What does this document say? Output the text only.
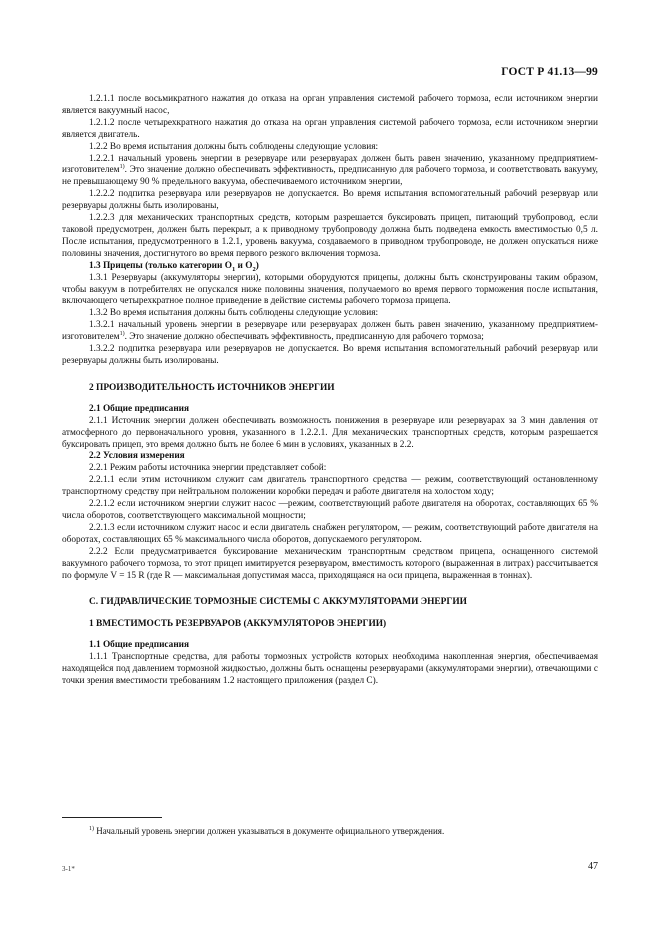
ГОСТ Р 41.13—99

1.2.1.1 после восьмикратного нажатия до отказа на орган управления системой рабочего тормоза, если источником энергии является вакуумный насос,

1.2.1.2 после четырехкратного нажатия до отказа на орган управления системой рабочего тормоза, если источником энергии является двигатель.

1.2.2 Во время испытания должны быть соблюдены следующие условия:

1.2.2.1 начальный уровень энергии в резервуаре или резервуарах должен быть равен значению, указанному предприятием-изготовителем$^{1)}$. Это значение должно обеспечивать эффективность, предписанную для рабочего тормоза, и соответствовать вакууму, не превышающему 90 % предельного вакуума, обеспечиваемого источником энергии,

1.2.2.2 подпитка резервуара или резервуаров не допускается. Во время испытания вспомогательный рабочий резервуар или резервуары должны быть изолированы,

1.2.2.3 для механических транспортных средств, которым разрешается буксировать прицеп, питающий трубопровод, если таковой предусмотрен, должен быть перекрыт, а к приводному трубопроводу должна быть подведена емкость вместимостью 0,5 л. После испытания, предусмотренного в 1.2.1, уровень вакуума, создаваемого в приводном трубопроводе, не должен опускаться ниже половины значения, достигнутого во время первого резкого включения тормоза.

1.3 Прицепы (только категории $O_1$ и $O_2$)

1.3.1 Резервуары (аккумуляторы энергии), которыми оборудуются прицепы, должны быть сконструированы таким образом, чтобы вакуум в потребителях не опускался ниже половины значения, получаемого во время первого торможения после испытания, включающего четырехкратное полное приведение в действие системы рабочего тормоза прицепа.

1.3.2 Во время испытания должны быть соблюдены следующие условия:

1.3.2.1 начальный уровень энергии в резервуаре или резервуарах должен быть равен значению, указанному предприятием-изготовителем$^{1)}$. Это значение должно обеспечивать эффективность, предписанную для рабочего тормоза;

1.3.2.2 подпитка резервуара или резервуаров не допускается. Во время испытания вспомогательный рабочий резервуар или резервуары должны быть изолированы.

2 ПРОИЗВОДИТЕЛЬНОСТЬ ИСТОЧНИКОВ ЭНЕРГИИ

2.1 Общие предписания

2.1.1 Источник энергии должен обеспечивать возможность понижения в резервуаре или резервуарах за 3 мин давления от атмосферного до первоначального уровня, указанного в 1.2.2.1. Для механических транспортных средств, которым разрешается буксировать прицеп, это время должно быть не более 6 мин в условиях, указанных в 2.2.

2.2 Условия измерения

2.2.1 Режим работы источника энергии представляет собой:

2.2.1.1 если этим источником служит сам двигатель транспортного средства — режим, соответствующий остановленному транспортному средству при нейтральном положении коробки передач и работе двигателя на холостом ходу;

2.2.1.2 если источником энергии служит насос —режим, соответствующий работе двигателя на оборотах, составляющих 65 % числа оборотов, соответствующего максимальной мощности;

2.2.1.3 если источником служит насос и если двигатель снабжен регулятором, — режим, соответствующий работе двигателя на оборотах, составляющих 65 % максимального числа оборотов, допускаемого регулятором.

2.2.2 Если предусматривается буксирование механическим транспортным средством прицепа, оснащенного системой вакуумного рабочего тормоза, то этот прицеп имитируется резервуаром, вместимость которого (выраженная в литрах) рассчитывается по формуле V = 15 R (где R — максимальная допустимая масса, приходящаяся на оси прицепа, выраженная в тоннах).

С. ГИДРАВЛИЧЕСКИЕ ТОРМОЗНЫЕ СИСТЕМЫ С АККУМУЛЯТОРАМИ ЭНЕРГИИ
1 ВМЕСТИМОСТЬ РЕЗЕРВУАРОВ (АККУМУЛЯТОРОВ ЭНЕРГИИ)

1.1 Общие предписания

1.1.1 Транспортные средства, для работы тормозных устройств которых необходима накопленная энергия, обеспечиваемая находящейся под давлением тормозной жидкостью, должны быть оснащены резервуарами (аккумуляторами энергии), отвечающими с точки зрения вместимости требованиям 1.2 настоящего приложения (раздел С).

$^{1)}$ Начальный уровень энергии должен указываться в документе официального утверждения.
3-1*	47
